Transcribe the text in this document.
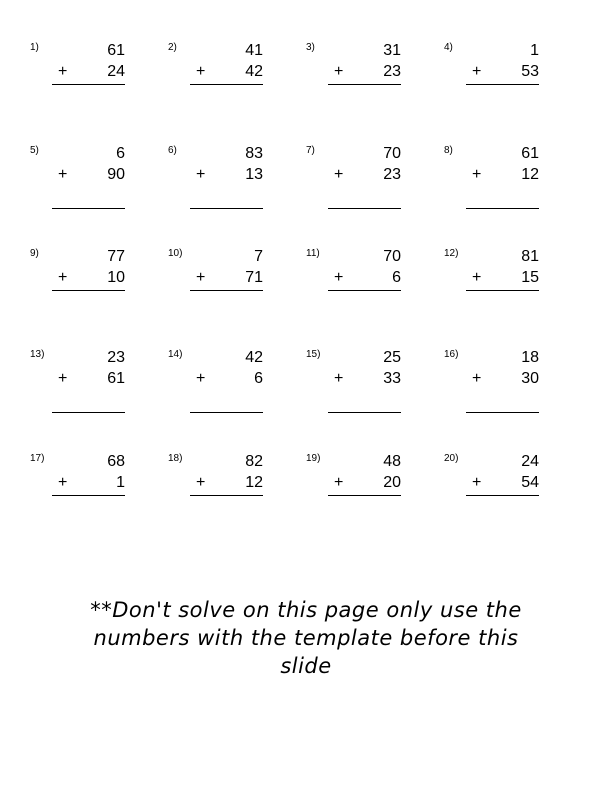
1)	61
+ 24
2)	41
+ 42
3)	31
+ 23
4)	1
+ 53
5)	6
+ 90
6)	83
+ 13
7)	70
+ 23
8)	61
+ 12
9)	77
+ 10
10)	7
+ 71
11)	70
+	6
12)	81
+ 15
13)	23
+ 61
14)	42
+	6
15)	25
+ 33
16)	18
+ 30
17)	68
+	1
18)	82
+ 12
19)	48
+ 20
20)	24
+ 54
**Don't solve on this page only use the numbers with the template before this slide
